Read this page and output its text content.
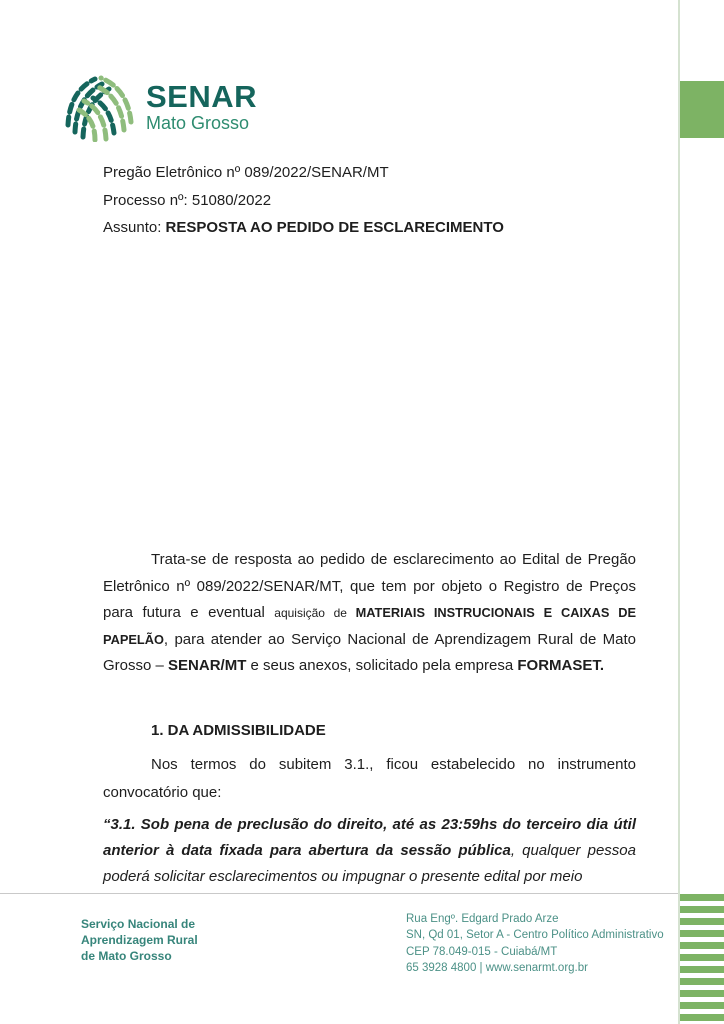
SENAR
Mato Grosso
Pregão Eletrônico nº 089/2022/SENAR/MT
Processo nº: 51080/2022
Assunto: RESPOSTA AO PEDIDO DE ESCLARECIMENTO

Trata-se de resposta ao pedido de esclarecimento ao Edital de Pregão Eletrônico nº 089/2022/SENAR/MT, que tem por objeto o Registro de Preços para futura e eventual aquisição de MATERIAIS INSTRUCIONAIS E CAIXAS DE PAPELÃO, para atender ao Serviço Nacional de Aprendizagem Rural de Mato Grosso – SENAR/MT e seus anexos, solicitado pela empresa FORMASET.

1. DA ADMISSIBILIDADE

Nos termos do subitem 3.1., ficou estabelecido no instrumento convocatório que:

“3.1. Sob pena de preclusão do direito, até as 23:59hs do terceiro dia útil anterior à data fixada para abertura da sessão pública, qualquer pessoa poderá solicitar esclarecimentos ou impugnar o presente edital por meio

Serviço Nacional de
Aprendizagem Rural
de Mato Grosso
Rua Engº. Edgard Prado Arze
SN, Qd 01, Setor A - Centro Político Administrativo
CEP 78.049-015 - Cuiabá/MT
65 3928 4800 | www.senarmt.org.br
